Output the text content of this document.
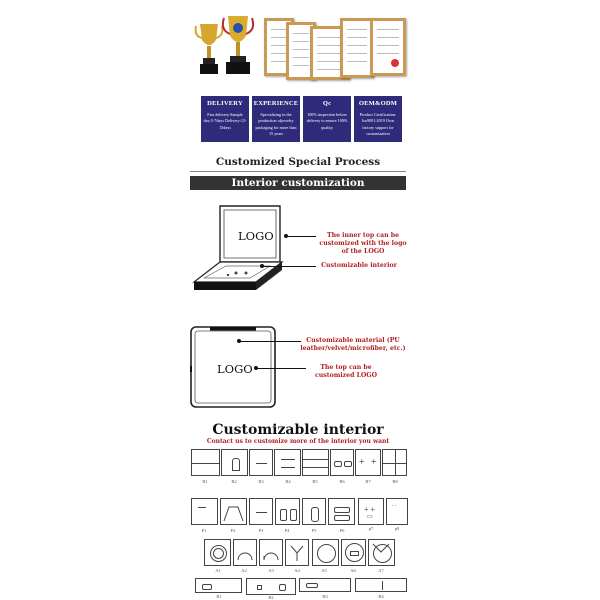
DELIVERY
Fast delivery:Sample day:5-7days Delivery:12-15days
EXPERIENCE
Specializing in the production ofjewelry packaging for more than 15 years
Qc
100% inspection before delivery to ensure 100% quality
OEM&ODM
Product Certification: Iso9001:2019 Own factory support for customization
Customized Special Process
Interior customization
LOGO	The inner top can be customized with the logo of the LOGO
Customizable interior
Customizable material (PU leather/velvet/microfiber, etc.)
LOGO	The top can be customized LOGO
Customizable interior
Contact us to customize more of the interior you want
+ +
R1	R2	R3	R4	R5	R6	R7	R8
+ +
▭
◦ ◦
P1	P2	P3	P4	P5	P6	p7	p8
A1	A2	A3	A4	A5	A6	A7
B1	B2	B3	B4
